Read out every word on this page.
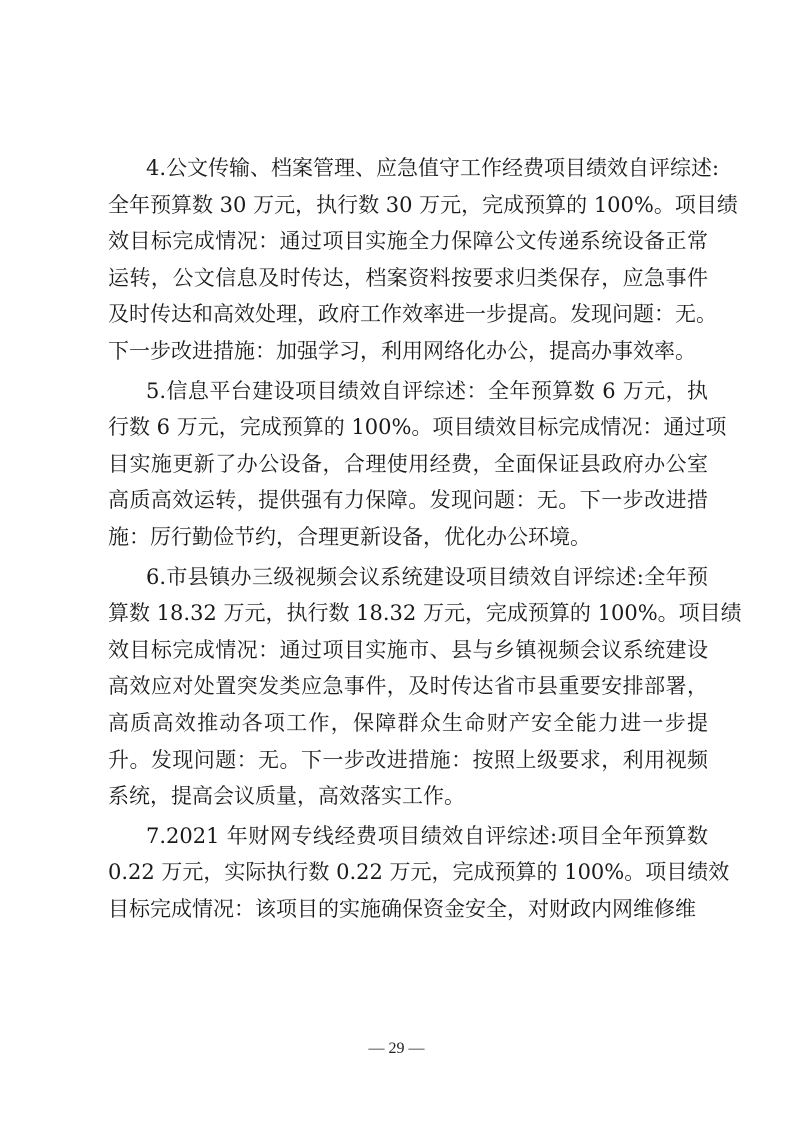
4.公文传输、档案管理、应急值守工作经费项目绩效自评综述:
全年预算数 30 万元，执行数 30 万元，完成预算的 100%。项目绩
效目标完成情况：通过项目实施全力保障公文传递系统设备正常
运转，公文信息及时传达，档案资料按要求归类保存，应急事件
及时传达和高效处理，政府工作效率进一步提高。发现问题：无。
下一步改进措施：加强学习，利用网络化办公，提高办事效率。
5.信息平台建设项目绩效自评综述：全年预算数 6 万元，执
行数 6 万元，完成预算的 100%。项目绩效目标完成情况：通过项
目实施更新了办公设备，合理使用经费，全面保证县政府办公室
高质高效运转，提供强有力保障。发现问题：无。下一步改进措
施：厉行勤俭节约，合理更新设备，优化办公环境。
6.市县镇办三级视频会议系统建设项目绩效自评综述:全年预
算数 18.32 万元，执行数 18.32 万元，完成预算的 100%。项目绩
效目标完成情况：通过项目实施市、县与乡镇视频会议系统建设
高效应对处置突发类应急事件，及时传达省市县重要安排部署，
高质高效推动各项工作，保障群众生命财产安全能力进一步提
升。发现问题：无。下一步改进措施：按照上级要求，利用视频
系统，提高会议质量，高效落实工作。
7.2021 年财网专线经费项目绩效自评综述:项目全年预算数
0.22 万元，实际执行数 0.22 万元，完成预算的 100%。项目绩效
目标完成情况：该项目的实施确保资金安全，对财政内网维修维
— 29 —
